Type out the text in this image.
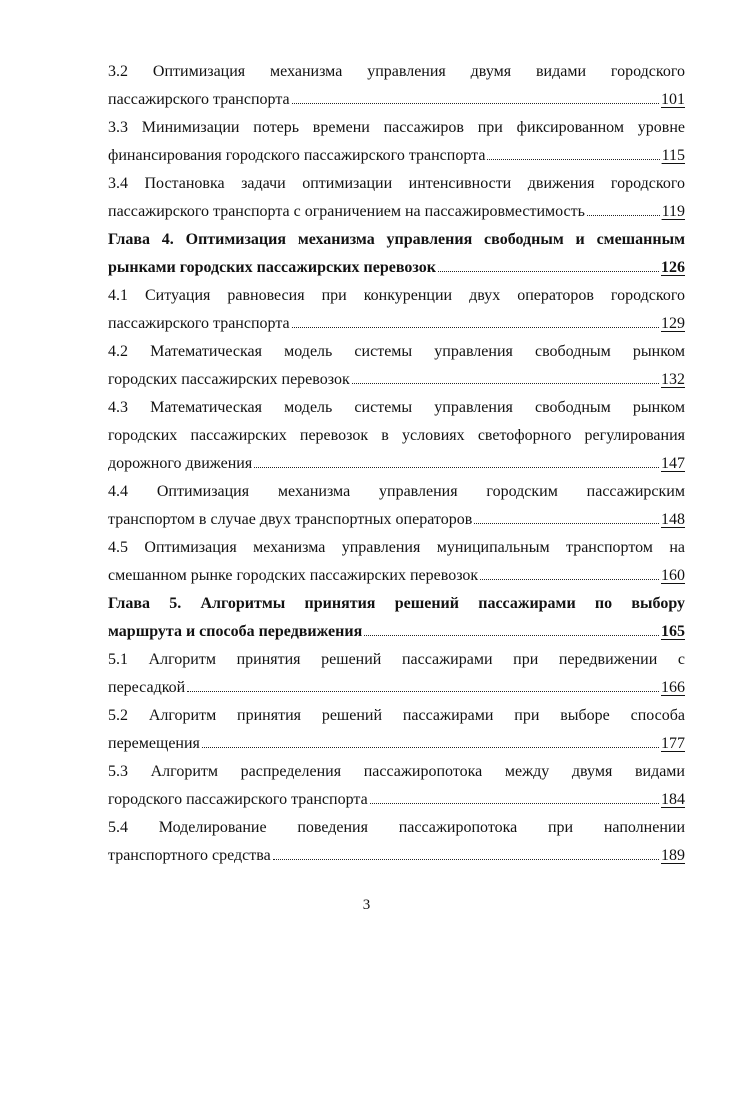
3.2 Оптимизация механизма управления двумя видами городского
пассажирского транспорта	101
3.3 Минимизации потерь времени пассажиров при фиксированном уровне
финансирования городского пассажирского транспорта	115
3.4 Постановка задачи оптимизации интенсивности движения городского
пассажирского транспорта с ограничением на пассажировместимость	119
Глава 4. Оптимизация механизма управления свободным и смешанным
рынками городских пассажирских перевозок	126
4.1 Ситуация равновесия при конкуренции двух операторов городского
пассажирского транспорта	129
4.2 Математическая модель системы управления свободным рынком
городских пассажирских перевозок	132
4.3 Математическая модель системы управления свободным рынком
городских пассажирских перевозок в условиях светофорного регулирования
дорожного движения	147
4.4 Оптимизация механизма управления городским пассажирским
транспортом в случае двух транспортных операторов	148
4.5 Оптимизация механизма управления муниципальным транспортом на
смешанном рынке городских пассажирских перевозок	160
Глава 5. Алгоритмы принятия решений пассажирами по выбору
маршрута и способа передвижения	165
5.1 Алгоритм принятия решений пассажирами при передвижении с
пересадкой	166
5.2 Алгоритм принятия решений пассажирами при выборе способа
перемещения	177
5.3 Алгоритм распределения пассажиропотока между двумя видами
городского пассажирского транспорта	184
5.4 Моделирование поведения пассажиропотока при наполнении
транспортного средства	189
3
